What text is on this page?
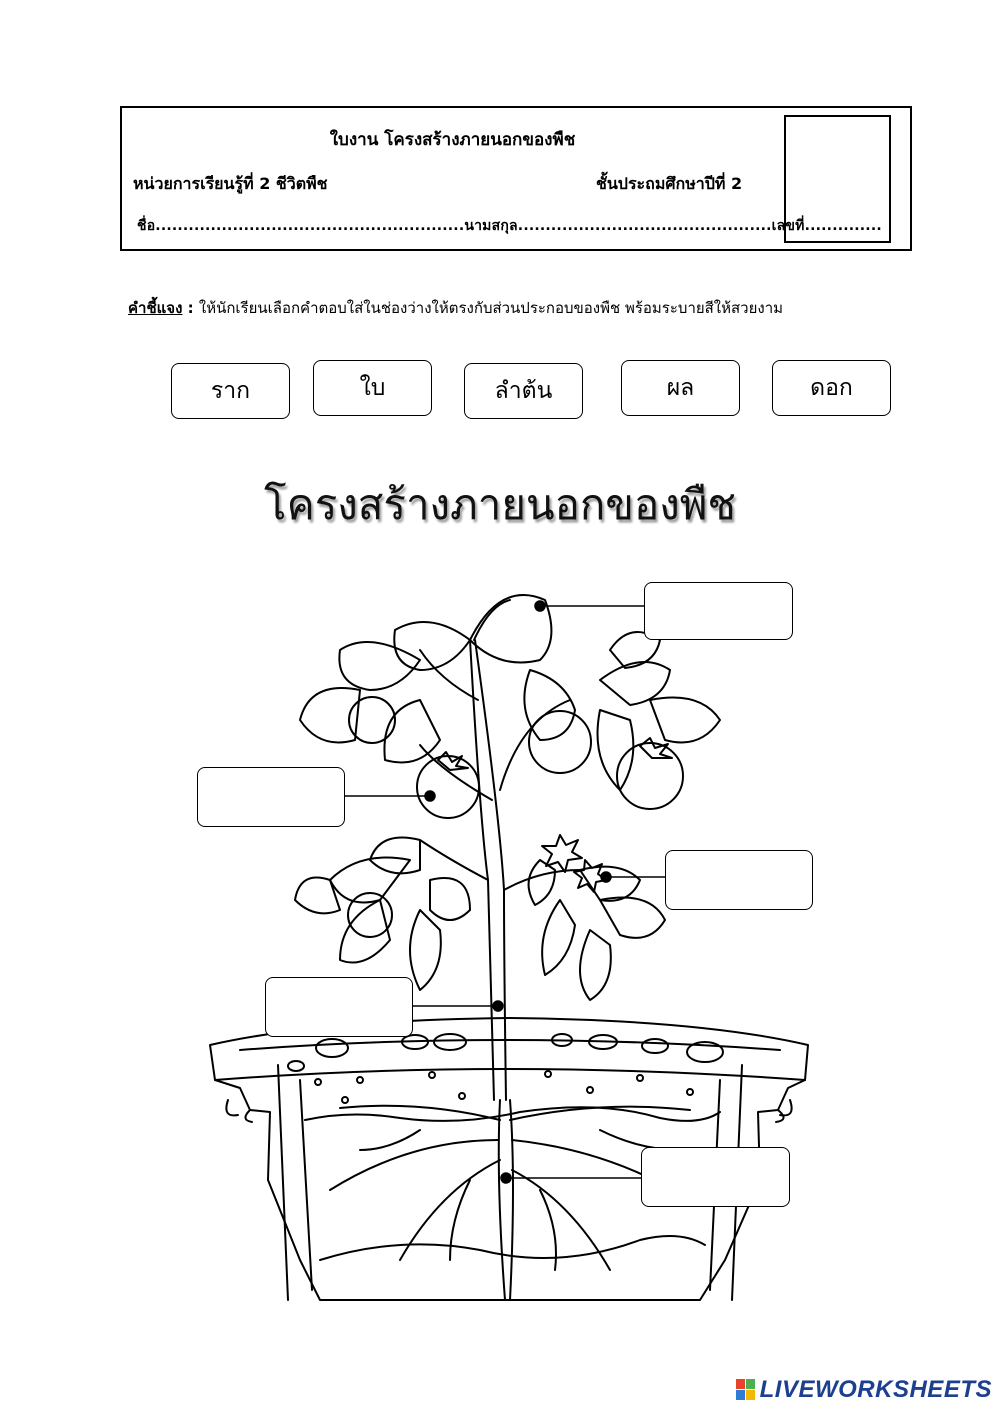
ใบงาน โครงสร้างภายนอกของพืช
หน่วยการเรียนรู้ที่ 2 ชีวิตพืช	ชั้นประถมศึกษาปีที่ 2
ชื่อ........................................................นามสกุล..............................................เลขที่..............
คำชี้แจง : ให้นักเรียนเลือกคำตอบใส่ในช่องว่างให้ตรงกับส่วนประกอบของพืช พร้อมระบายสีให้สวยงาม
ราก	ใบ	ลำต้น	ผล	ดอก
โครงสร้างภายนอกของพืช
LIVEWORKSHEETS
